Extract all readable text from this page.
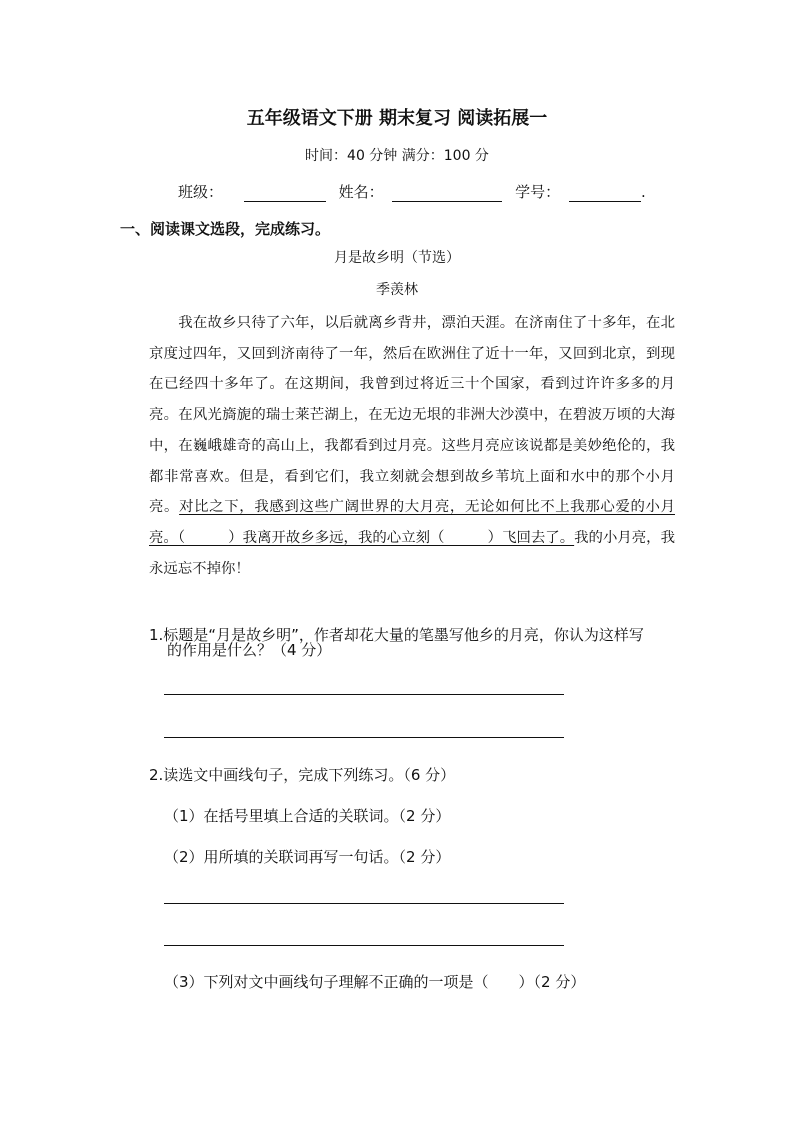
五年级语文下册 期末复习 阅读拓展一
时间：40 分钟 满分：100 分
班级：	姓名：	学号：	.
一、阅读课文选段，完成练习。
月是故乡明（节选）
季羡林
我在故乡只待了六年，以后就离乡背井，漂泊天涯。在济南住了十多年，在北京度过四年，又回到济南待了一年，然后在欧洲住了近十一年，又回到北京，到现在已经四十多年了。在这期间，我曾到过将近三十个国家，看到过许许多多的月亮。在风光旖旎的瑞士莱芒湖上，在无边无垠的非洲大沙漠中，在碧波万顷的大海中，在巍峨雄奇的高山上，我都看到过月亮。这些月亮应该说都是美妙绝伦的，我都非常喜欢。但是，看到它们，我立刻就会想到故乡苇坑上面和水中的那个小月亮。对比之下，我感到这些广阔世界的大月亮，无论如何比不上我那心爱的小月亮。（　　　）我离开故乡多远，我的心立刻（　　　）飞回去了。我的小月亮，我永远忘不掉你！
1.标题是“月是故乡明”，作者却花大量的笔墨写他乡的月亮，你认为这样写
的作用是什么？（4 分）
2.读选文中画线句子，完成下列练习。（6 分）
（1）在括号里填上合适的关联词。（2 分）
（2）用所填的关联词再写一句话。（2 分）
（3）下列对文中画线句子理解不正确的一项是（　　）（2 分）
